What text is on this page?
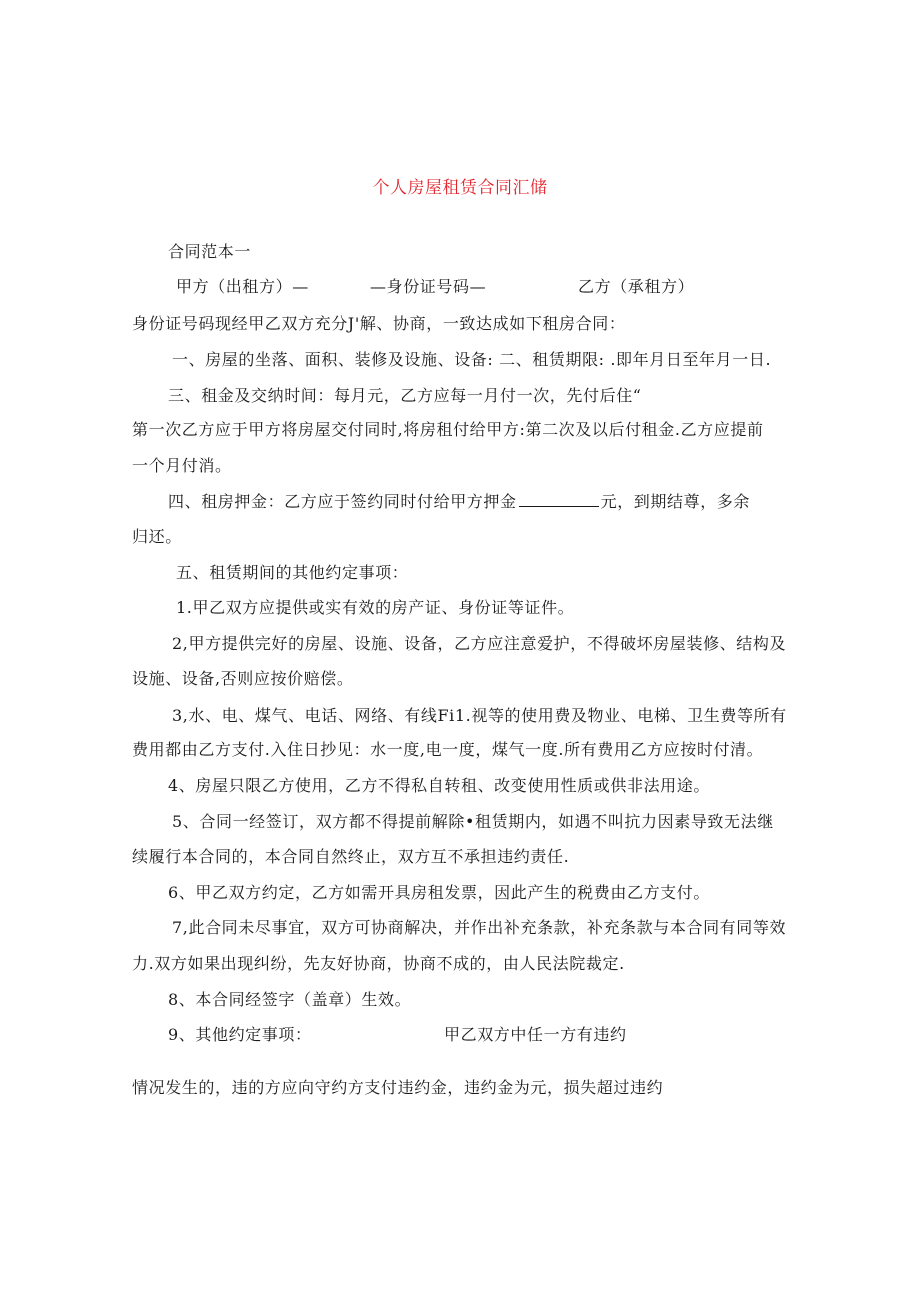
个人房屋租赁合同汇储
合同范本一
甲方（出租方）—	—身份证号码—	乙方（承租方）
身份证号码现经甲乙双方充分J'解、协商，一致达成如下租房合同：
一、房屋的坐落、面积、装修及设施、设备: 二、租赁期限: .即年月日至年月一日.
三、租金及交纳时间：每月元，乙方应每一月付一次，先付后住“
第一次乙方应于甲方将房屋交付同时,将房租付给甲方:第二次及以后付租金.乙方应提前
一个月付消。
四、租房押金：乙方应于签约同时付给甲方押金	元，到期结尊，多余
归还。
五、租赁期间的其他约定事项：
1.甲乙双方应提供或实有效的房产证、身份证等证件。
2,甲方提供完好的房屋、设施、设备，乙方应注意爱护，不得破坏房屋装修、结构及
设施、设备,否则应按价赔偿。
3,水、电、煤气、电话、网络、有线Fi1.视等的使用费及物业、电梯、卫生费等所有
费用都由乙方支付.入住日抄见：水一度,电一度，煤气一度.所有费用乙方应按时付清。
4、房屋只限乙方使用，乙方不得私自转租、改变使用性质或供非法用途。
5、合同一经签订，双方都不得提前解除•租赁期内，如遇不叫抗力因素导致无法继
续履行本合同的，本合同自然终止，双方互不承担违约责任.
6、甲乙双方约定，乙方如需开具房租发票，因此产生的税费由乙方支付。
7,此合同未尽事宜，双方可协商解决，并作出补充条款，补充条款与本合同有同等效
力.双方如果出现纠纷，先友好协商，协商不成的，由人民法院裁定.
8、本合同经签字（盖章）生效。
9、其他约定事项：	甲乙双方中任一方有违约
情况发生的，违的方应向守约方支付违约金，违约金为元，损失超过违约
